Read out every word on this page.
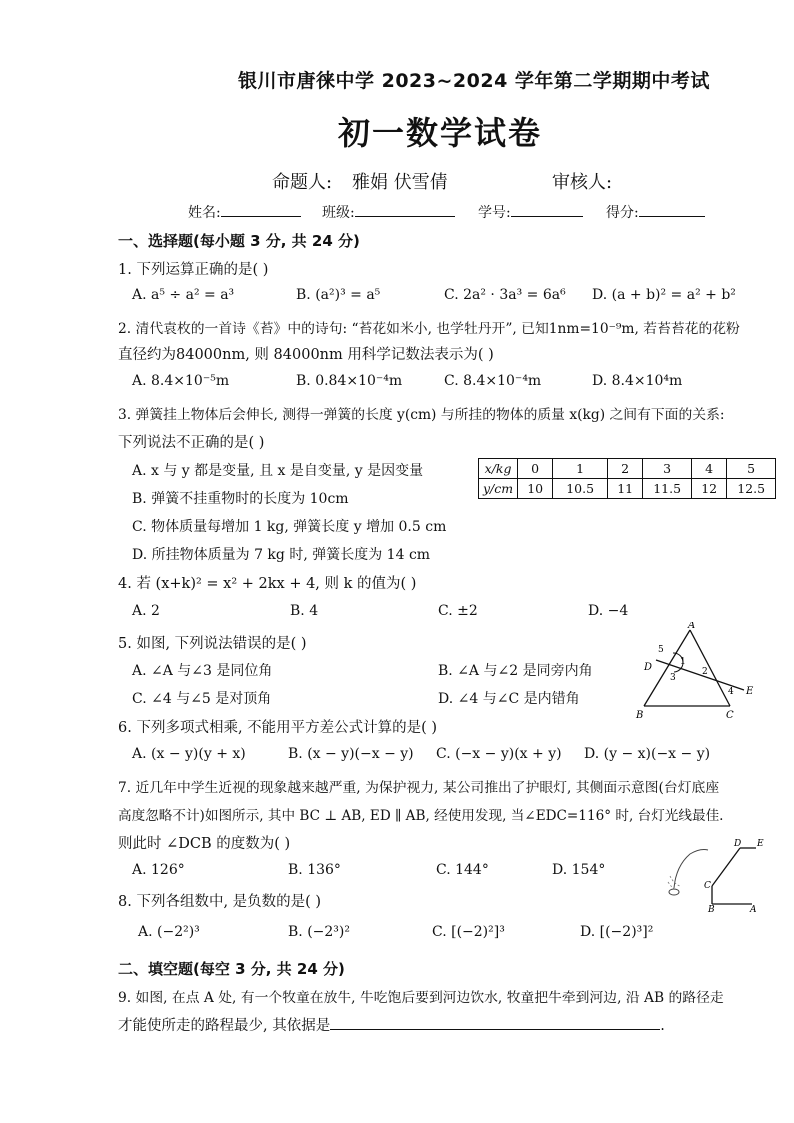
银川市唐徕中学 2023~2024 学年第二学期期中考试
初一数学试卷
命题人: 雅娟 伏雪倩	审核人:
姓名:	班级:	学号:	得分:
一、选择题(每小题 3 分, 共 24 分)
1. 下列运算正确的是( )
A. a⁵ ÷ a² = a³	B. (a²)³ = a⁵	C. 2a² · 3a³ = 6a⁶ D. (a + b)² = a² + b²
2. 清代袁枚的一首诗《苔》中的诗句: “苔花如米小, 也学牡丹开”, 已知1nm=10⁻⁹m, 若苔苔花的花粉
直径约为84000nm, 则 84000nm 用科学记数法表示为( )
A. 8.4×10⁻⁵m	B. 0.84×10⁻⁴m	C. 8.4×10⁻⁴m	D. 8.4×10⁴m
3. 弹簧挂上物体后会伸长, 测得一弹簧的长度 y(cm) 与所挂的物体的质量 x(kg) 之间有下面的关系:
下列说法不正确的是( )
A. x 与 y 都是变量, 且 x 是自变量, y 是因变量
B. 弹簧不挂重物时的长度为 10cm
C. 物体质量每增加 1 kg, 弹簧长度 y 增加 0.5 cm
D. 所挂物体质量为 7 kg 时, 弹簧长度为 14 cm
x/kg	0	1	2	3	4	5
y/cm	10	10.5	11	11.5	12	12.5
4. 若 (x+k)² = x² + 2kx + 4, 则 k 的值为( )
A. 2	B. 4	C. ±2	D. −4
5. 如图, 下列说法错误的是( )
A. ∠A 与∠3 是同位角	B. ∠A 与∠2 是同旁内角
C. ∠4 与∠5 是对顶角	D. ∠4 与∠C 是内错角
A
B	C
D
E
1
2
3
4
5
6. 下列多项式相乘, 不能用平方差公式计算的是( )
A. (x − y)(y + x)	B. (x − y)(−x − y) C. (−x − y)(x + y) D. (y − x)(−x − y)
7. 近几年中学生近视的现象越来越严重, 为保护视力, 某公司推出了护眼灯, 其侧面示意图(台灯底座
高度忽略不计)如图所示, 其中 BC ⊥ AB, ED ∥ AB, 经使用发现, 当∠EDC=116° 时, 台灯光线最佳.
则此时 ∠DCB 的度数为( )
A. 126°	B. 136°	C. 144°	D. 154°
B	A
C
D E
8. 下列各组数中, 是负数的是( )
A. (−2²)³	B. (−2³)²	C. [(−2)²]³	D. [(−2)³]²
二、填空题(每空 3 分, 共 24 分)
9. 如图, 在点 A 处, 有一个牧童在放牛, 牛吃饱后要到河边饮水, 牧童把牛牵到河边, 沿 AB 的路径走
才能使所走的路程最少, 其依据是	.
